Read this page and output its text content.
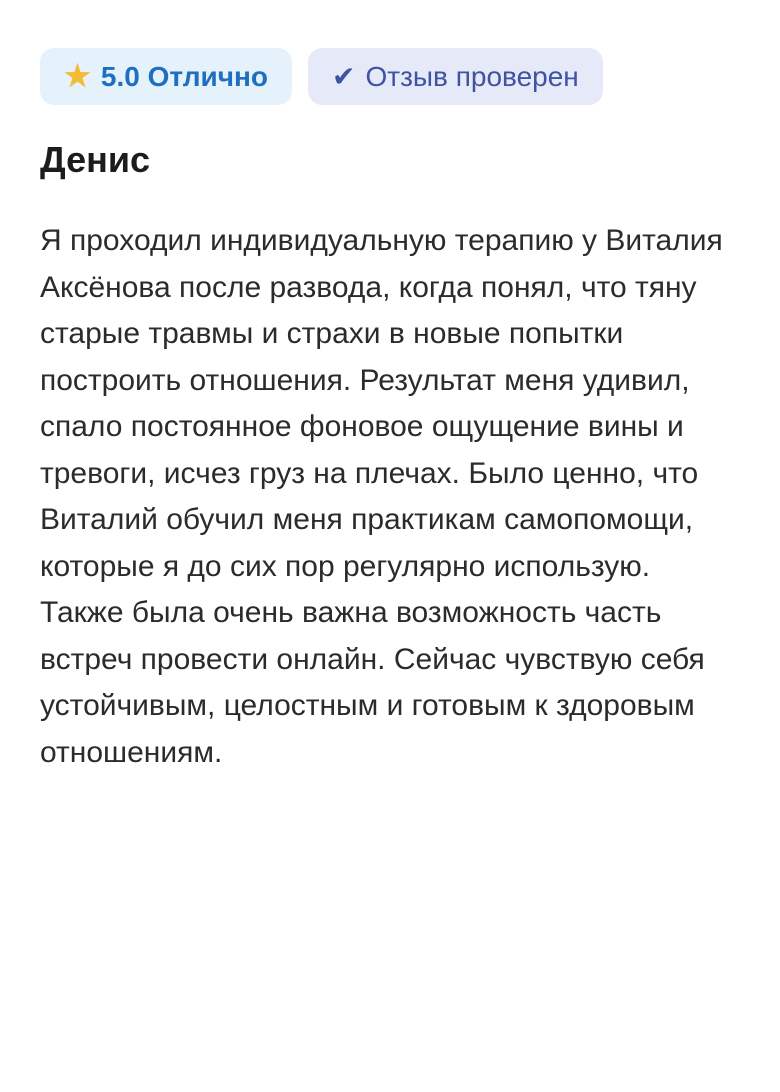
★ 5.0 Отлично ✔ Отзыв проверен
Денис

Я проходил индивидуальную терапию у Виталия Аксёнова после развода, когда понял, что тяну старые травмы и страхи в новые попытки построить отношения. Результат меня удивил, спало постоянное фоновое ощущение вины и тревоги, исчез груз на плечах. Было ценно, что Виталий обучил меня практикам самопомощи, которые я до сих пор регулярно использую. Также была очень важна возможность часть встреч провести онлайн. Сейчас чувствую себя устойчивым, целостным и готовым к здоровым отношениям.
